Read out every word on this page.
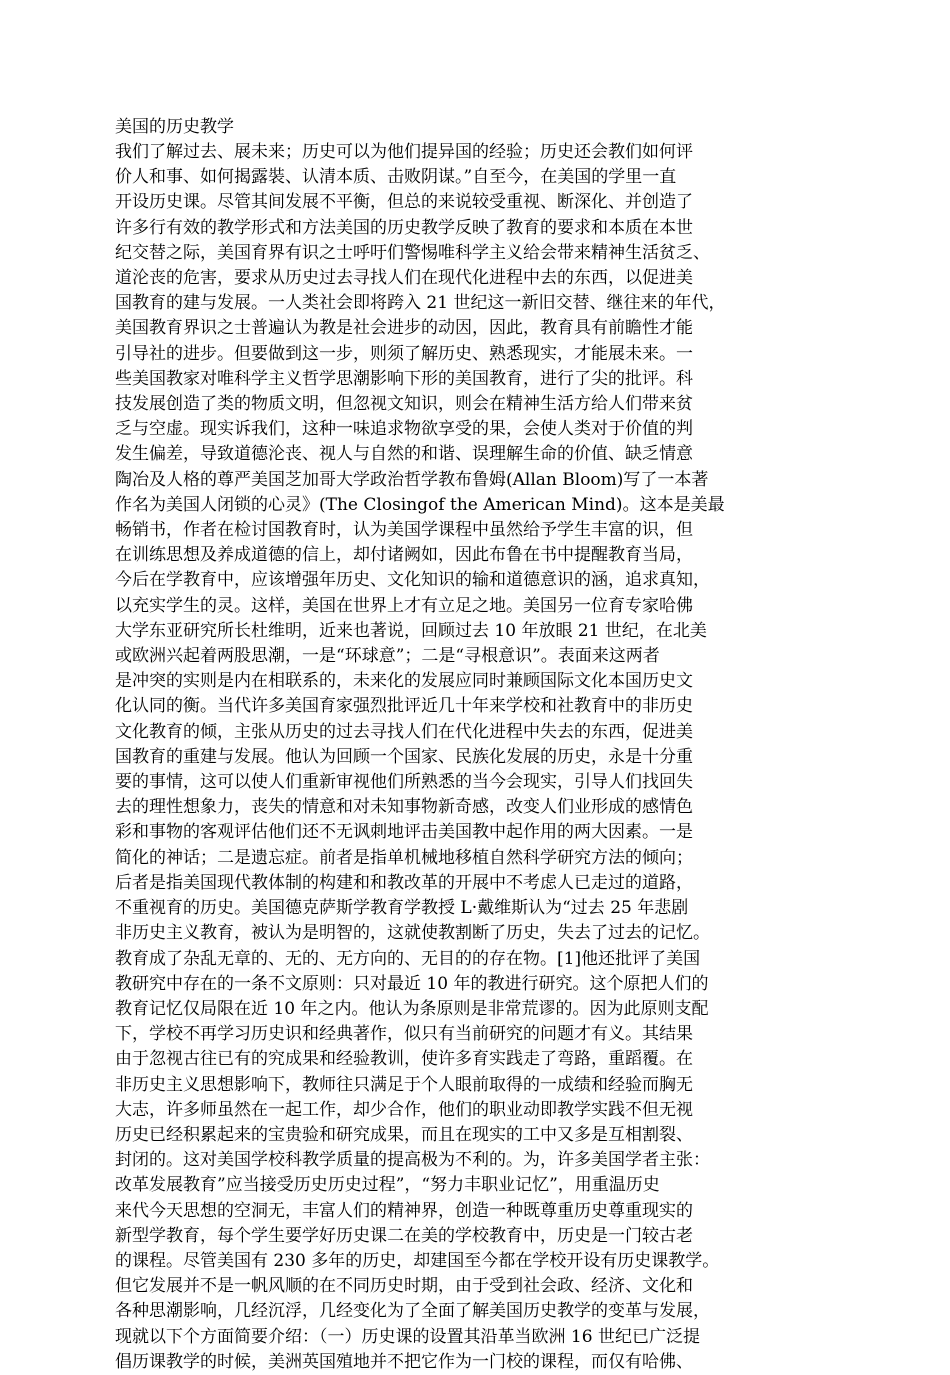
美国的历史教学
我们了解过去、展未来；历史可以为他们提异国的经验；历史还会教们如何评
价人和事、如何揭露裝、认清本质、击败阴谋。”自至今，在美国的学里一直
开设历史课。尽管其间发展不平衡，但总的来说较受重视、断深化、并创造了
许多行有效的教学形式和方法美国的历史教学反映了教育的要求和本质在本世
纪交替之际，美国育界有识之士呼吁们警惕唯科学主义给会带来精神生活贫乏、
道沦丧的危害，要求从历史过去寻找人们在现代化进程中去的东西，以促进美
国教育的建与发展。一人类社会即将跨入 21 世纪这一新旧交替、继往来的年代，
美国教育界识之士普遍认为教是社会进步的动因，因此，教育具有前瞻性才能
引导社的进步。但要做到这一步，则须了解历史、熟悉现实，才能展未来。一
些美国教家对唯科学主义哲学思潮影响下形的美国教育，进行了尖的批评。科
技发展创造了类的物质文明，但忽视文知识，则会在精神生活方给人们带来贫
乏与空虚。现实诉我们，这种一味追求物欲享受的果，会使人类对于价值的判
发生偏差，导致道德沦丧、视人与自然的和谐、误理解生命的价值、缺乏情意
陶冶及人格的尊严美国芝加哥大学政治哲学教布鲁姆(Allan Bloom)写了一本著
作名为美国人闭锁的心灵》(The Closingof the American Mind)。这本是美最
畅销书，作者在检讨国教育时，认为美国学课程中虽然给予学生丰富的识，但
在训练思想及养成道德的信上，却付诸阙如，因此布鲁在书中提醒教育当局，
今后在学教育中，应该增强年历史、文化知识的输和道德意识的涵，追求真知，
以充实学生的灵。这样，美国在世界上才有立足之地。美国另一位育专家哈佛
大学东亚研究所长杜维明，近来也著说，回顾过去 10 年放眼 21 世纪，在北美
或欧洲兴起着两股思潮，一是“环球意”；二是“寻根意识”。表面来这两者
是冲突的实则是内在相联系的，未来化的发展应同时兼顾国际文化本国历史文
化认同的衡。当代许多美国育家强烈批评近几十年来学校和社教育中的非历史
文化教育的倾，主张从历史的过去寻找人们在代化进程中失去的东西，促进美
国教育的重建与发展。他认为回顾一个国家、民族化发展的历史，永是十分重
要的事情，这可以使人们重新审视他们所熟悉的当今会现实，引导人们找回失
去的理性想象力，丧失的情意和对未知事物新奇感，改变人们业形成的感情色
彩和事物的客观评估他们还不无讽刺地评击美国教中起作用的两大因素。一是
简化的神话；二是遗忘症。前者是指单机械地移植自然科学研究方法的倾向；
后者是指美国现代教体制的构建和和教改革的开展中不考虑人已走过的道路，
不重视育的历史。美国德克萨斯学教育学教授 L·戴维斯认为“过去 25 年悲剧
非历史主义教育，被认为是明智的，这就使教割断了历史，失去了过去的记忆。
教育成了杂乱无章的、无的、无方向的、无目的的存在物。[1]他还批评了美国
教研究中存在的一条不文原则：只对最近 10 年的教进行研究。这个原把人们的
教育记忆仅局限在近 10 年之内。他认为条原则是非常荒谬的。因为此原则支配
下，学校不再学习历史识和经典著作，似只有当前研究的问题才有义。其结果
由于忽视古往已有的究成果和经验教训，使许多育实践走了弯路，重蹈覆。在
非历史主义思想影响下，教师往只满足于个人眼前取得的一成绩和经验而胸无
大志，许多师虽然在一起工作，却少合作，他们的职业动即教学实践不但无视
历史已经积累起来的宝贵验和研究成果，而且在现实的工中又多是互相割裂、
封闭的。这对美国学校科教学质量的提高极为不利的。为，许多美国学者主张：
改革发展教育”应当接受历史历史过程”，“努力丰职业记忆”，用重温历史
来代今天思想的空洞无，丰富人们的精神界，创造一种既尊重历史尊重现实的
新型学教育，每个学生要学好历史课二在美的学校教育中，历史是一门较古老
的课程。尽管美国有 230 多年的历史，却建国至今都在学校开设有历史课教学。
但它发展并不是一帆风顺的在不同历史时期，由于受到社会政、经济、文化和
各种思潮影响，几经沉浮，几经变化为了全面了解美国历史教学的变革与发展，
现就以下个方面简要介绍：（一）历史课的设置其沿革当欧洲 16 世纪已广泛提
倡历课教学的时候，美洲英国殖地并不把它作为一门校的课程，而仅有哈佛、
